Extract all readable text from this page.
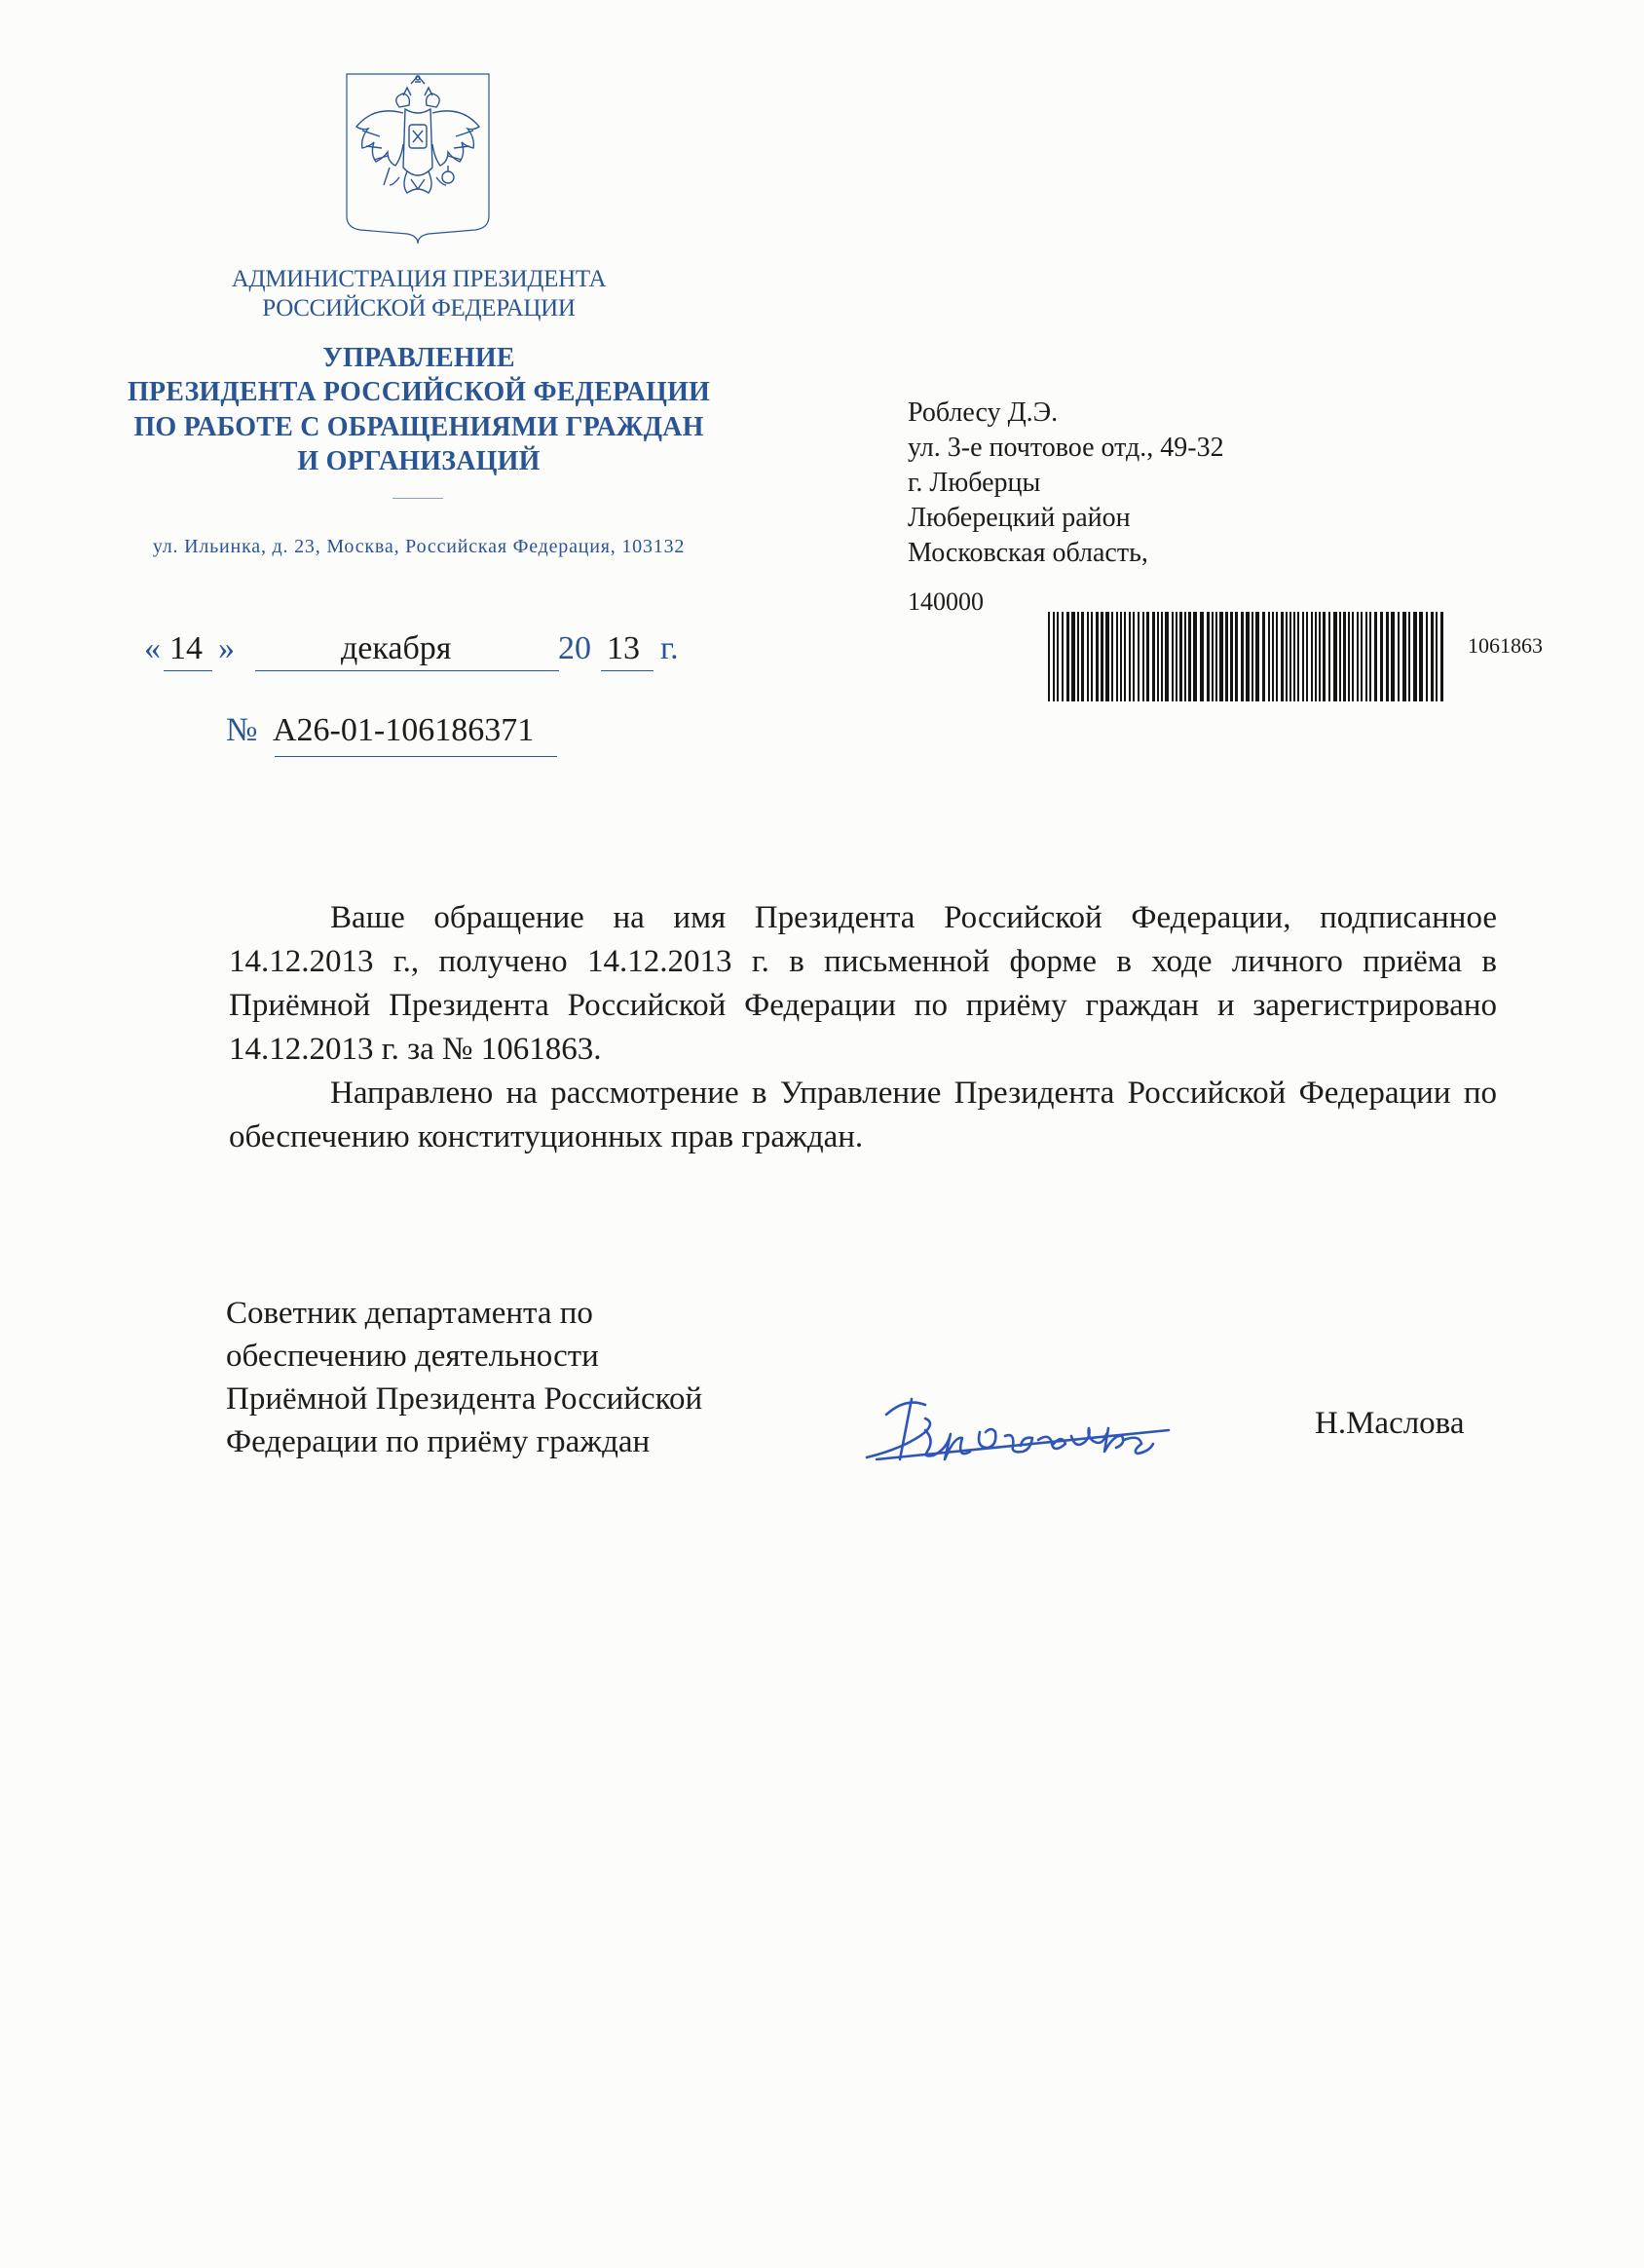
АДМИНИСТРАЦИЯ ПРЕЗИДЕНТА
РОССИЙСКОЙ ФЕДЕРАЦИИ
УПРАВЛЕНИЕ
ПРЕЗИДЕНТА РОССИЙСКОЙ ФЕДЕРАЦИИ
ПО РАБОТЕ С ОБРАЩЕНИЯМИ ГРАЖДАН
И ОРГАНИЗАЦИЙ
ул. Ильинка, д. 23, Москва, Российская Федерация, 103132
« 14 »	декабря	20 13 г.
№ А26-01-106186371
Роблесу Д.Э.
ул. 3-е почтовое отд., 49-32
г. Люберцы
Люберецкий район
Московская область,
140000
1061863

Ваше обращение на имя Президента Российской Федерации, подписанное 14.12.2013 г., получено 14.12.2013 г. в письменной форме в ходе личного приёма в Приёмной Президента Российской Федерации по приёму граждан и зарегистрировано 14.12.2013 г. за № 1061863.

Направлено на рассмотрение в Управление Президента Российской Федерации по обеспечению конституционных прав граждан.

Советник департамента по
обеспечению деятельности
Приёмной Президента Российской
Федерации по приёму граждан
Н.Маслова
